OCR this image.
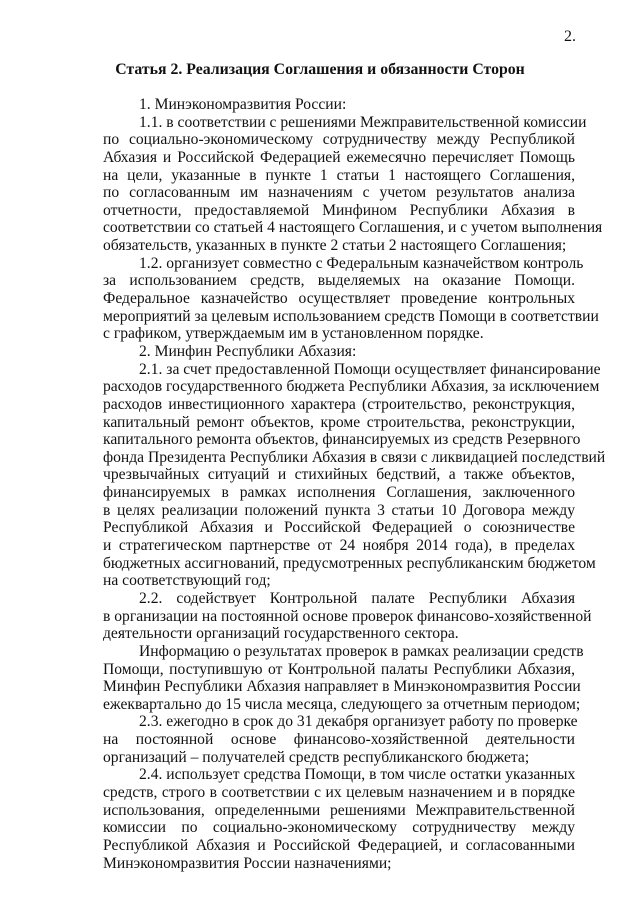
2.
Статья 2. Реализация Соглашения и обязанности Сторон
1. Минэкономразвития России:
1.1. в соответствии с решениями Межправительственной комиссии
по социально-экономическому сотрудничеству между Республикой
Абхазия и Российской Федерацией ежемесячно перечисляет Помощь
на цели, указанные в пункте 1 статьи 1 настоящего Соглашения,
по согласованным им назначениям с учетом результатов анализа
отчетности, предоставляемой Минфином Республики Абхазия в
соответствии со статьей 4 настоящего Соглашения, и с учетом выполнения
обязательств, указанных в пункте 2 статьи 2 настоящего Соглашения;
1.2. организует совместно с Федеральным казначейством контроль
за использованием средств, выделяемых на оказание Помощи.
Федеральное казначейство осуществляет проведение контрольных
мероприятий за целевым использованием средств Помощи в соответствии
с графиком, утверждаемым им в установленном порядке.
2. Минфин Республики Абхазия:
2.1. за счет предоставленной Помощи осуществляет финансирование
расходов государственного бюджета Республики Абхазия, за исключением
расходов инвестиционного характера (строительство, реконструкция,
капитальный ремонт объектов, кроме строительства, реконструкции,
капитального ремонта объектов, финансируемых из средств Резервного
фонда Президента Республики Абхазия в связи с ликвидацией последствий
чрезвычайных ситуаций и стихийных бедствий, а также объектов,
финансируемых в рамках исполнения Соглашения, заключенного
в целях реализации положений пункта 3 статьи 10 Договора между
Республикой Абхазия и Российской Федерацией о союзничестве
и стратегическом партнерстве от 24 ноября 2014 года), в пределах
бюджетных ассигнований, предусмотренных республиканским бюджетом
на соответствующий год;
2.2. содействует Контрольной палате Республики Абхазия
в организации на постоянной основе проверок финансово-хозяйственной
деятельности организаций государственного сектора.
Информацию о результатах проверок в рамках реализации средств
Помощи, поступившую от Контрольной палаты Республики Абхазия,
Минфин Республики Абхазия направляет в Минэкономразвития России
ежеквартально до 15 числа месяца, следующего за отчетным периодом;
2.3. ежегодно в срок до 31 декабря организует работу по проверке
на постоянной основе финансово-хозяйственной деятельности
организаций – получателей средств республиканского бюджета;
2.4. использует средства Помощи, в том числе остатки указанных
средств, строго в соответствии с их целевым назначением и в порядке
использования, определенными решениями Межправительственной
комиссии по социально-экономическому сотрудничеству между
Республикой Абхазия и Российской Федерацией, и согласованными
Минэкономразвития России назначениями;
